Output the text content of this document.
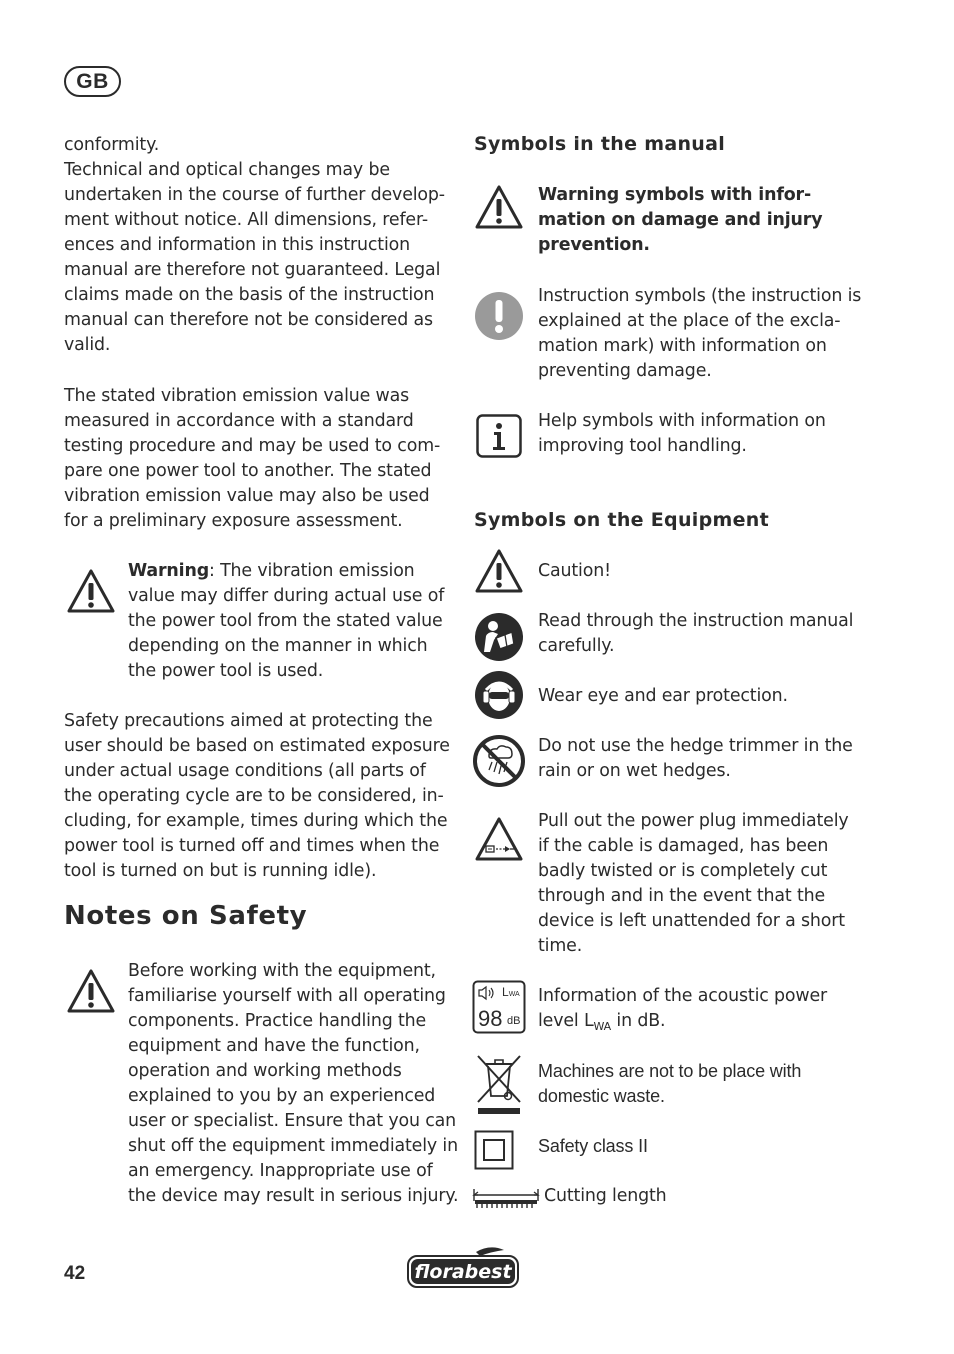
GB
conformity.
Technical and optical changes may be
undertaken in the course of further develop-
ment without notice. All dimensions, refer-
ences and information in this instruction
manual are therefore not guaranteed. Legal
claims made on the basis of the instruction
manual can therefore not be considered as
valid.
The stated vibration emission value was
measured in accordance with a standard
testing procedure and may be used to com-
pare one power tool to another. The stated
vibration emission value may also be used
for a preliminary exposure assessment.
Warning: The vibration emission
value may differ during actual use of
the power tool from the stated value
depending on the manner in which
the power tool is used.
Safety precautions aimed at protecting the
user should be based on estimated exposure
under actual usage conditions (all parts of
the operating cycle are to be considered, in-
cluding, for example, times during which the
power tool is turned off and times when the
tool is turned on but is running idle).
Notes on Safety
Before working with the equipment,
familiarise yourself with all operating
components. Practice handling the
equipment and have the function,
operation and working methods
explained to you by an experienced
user or specialist. Ensure that you can
shut off the equipment immediately in
an emergency. Inappropriate use of
the device may result in serious injury.
Symbols in the manual
Warning symbols with infor-
mation on damage and injury
prevention.
Instruction symbols (the instruction is
explained at the place of the excla-
mation mark) with information on
preventing damage.
Help symbols with information on
improving tool handling.
Symbols on the Equipment
Caution!
Read through the instruction manual
carefully.
Wear eye and ear protection.
Do not use the hedge trimmer in the
rain or on wet hedges.
Pull out the power plug immediately
if the cable is damaged, has been
badly twisted or is completely cut
through and in the event that the
device is left unattended for a short
time.
LWA
98 dB
Information of the acoustic power
level $L_{WA}$ in dB.
Machines are not to be place with
domestic waste.
Safety class II
Cutting length
42	florabest
